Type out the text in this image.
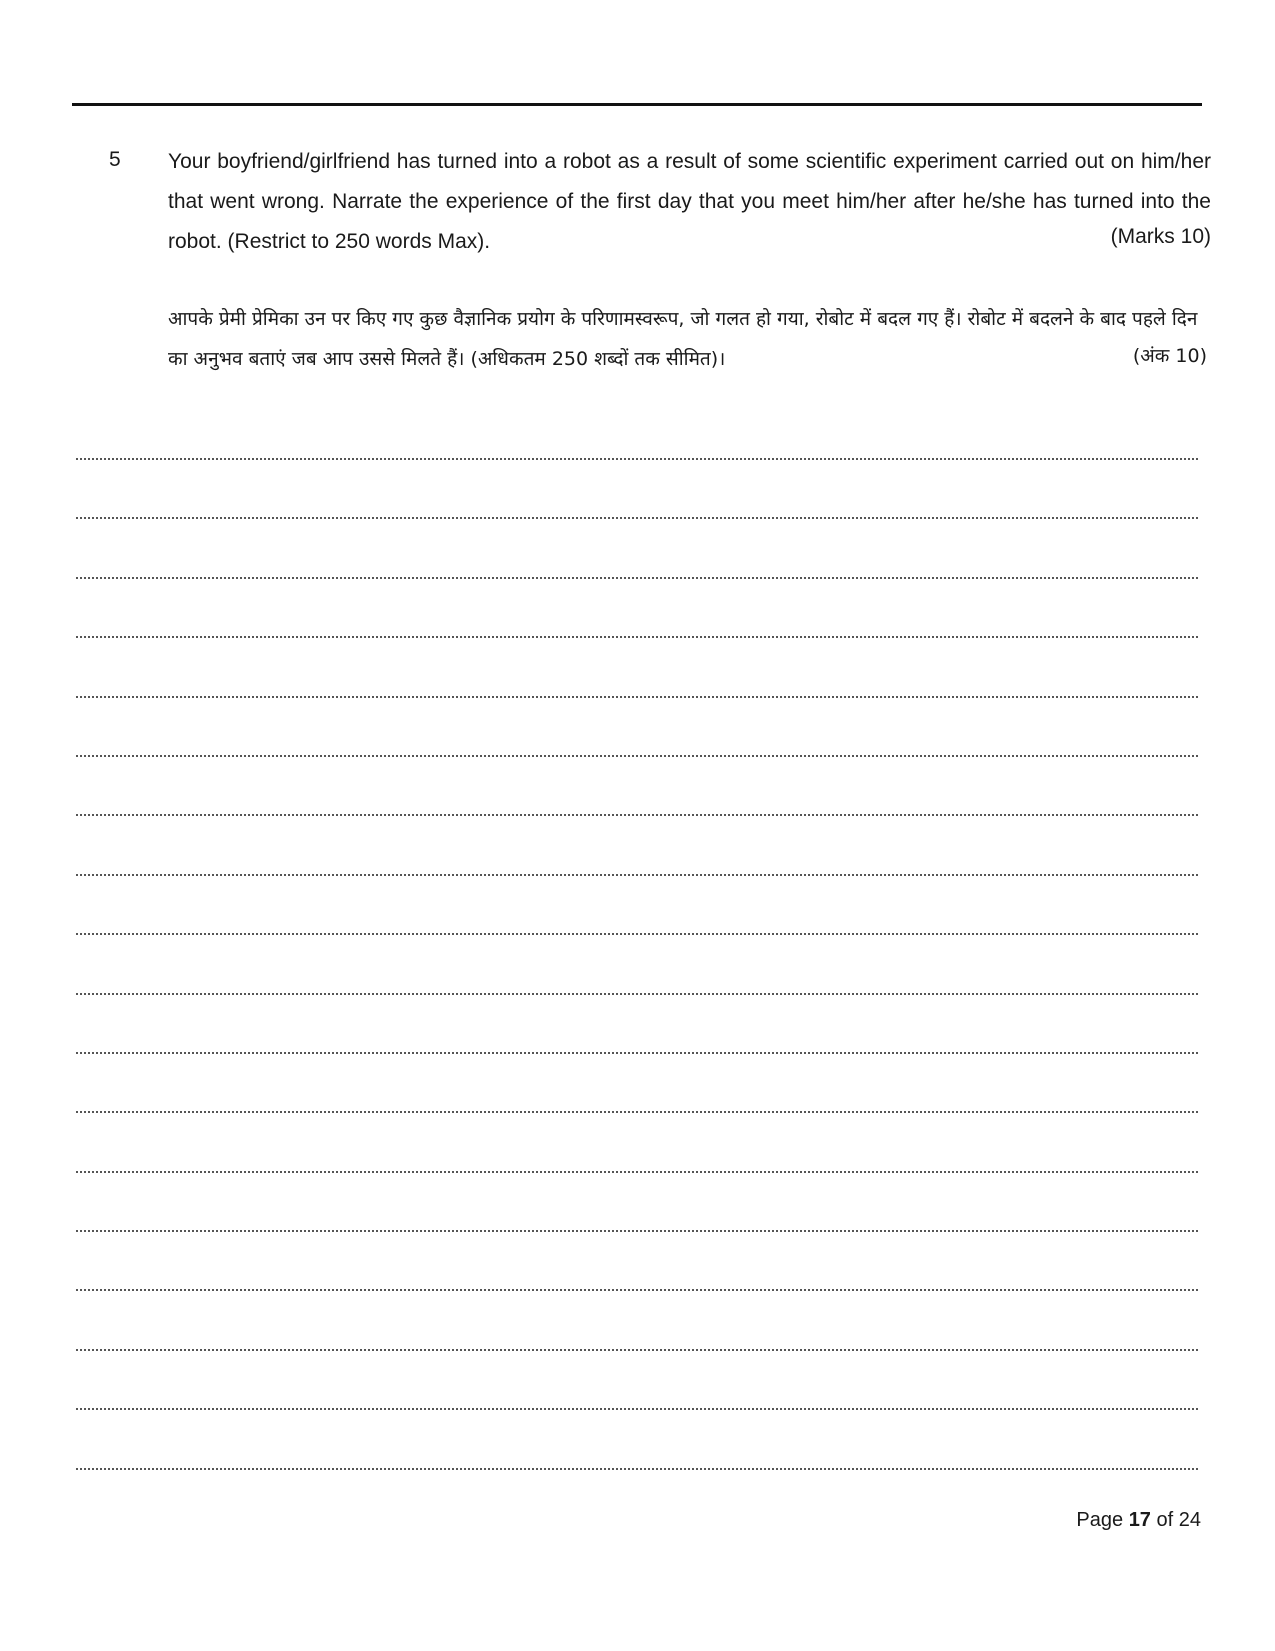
5 Your boyfriend/girlfriend has turned into a robot as a result of some scientific experiment carried out on him/her that went wrong. Narrate the experience of the first day that you meet him/her after he/she has turned into the robot. (Restrict to 250 words Max).	(Marks 10)

आपके प्रेमी प्रेमिका उन पर किए गए कुछ वैज्ञानिक प्रयोग के परिणामस्वरूप, जो गलत हो गया, रोबोट में बदल गए हैं। रोबोट में बदलने के बाद पहले दिन का अनुभव बताएं जब आप उससे मिलते हैं। (अधिकतम 250 शब्दों तक सीमित)।	(अंक 10)
Page 17 of 24
